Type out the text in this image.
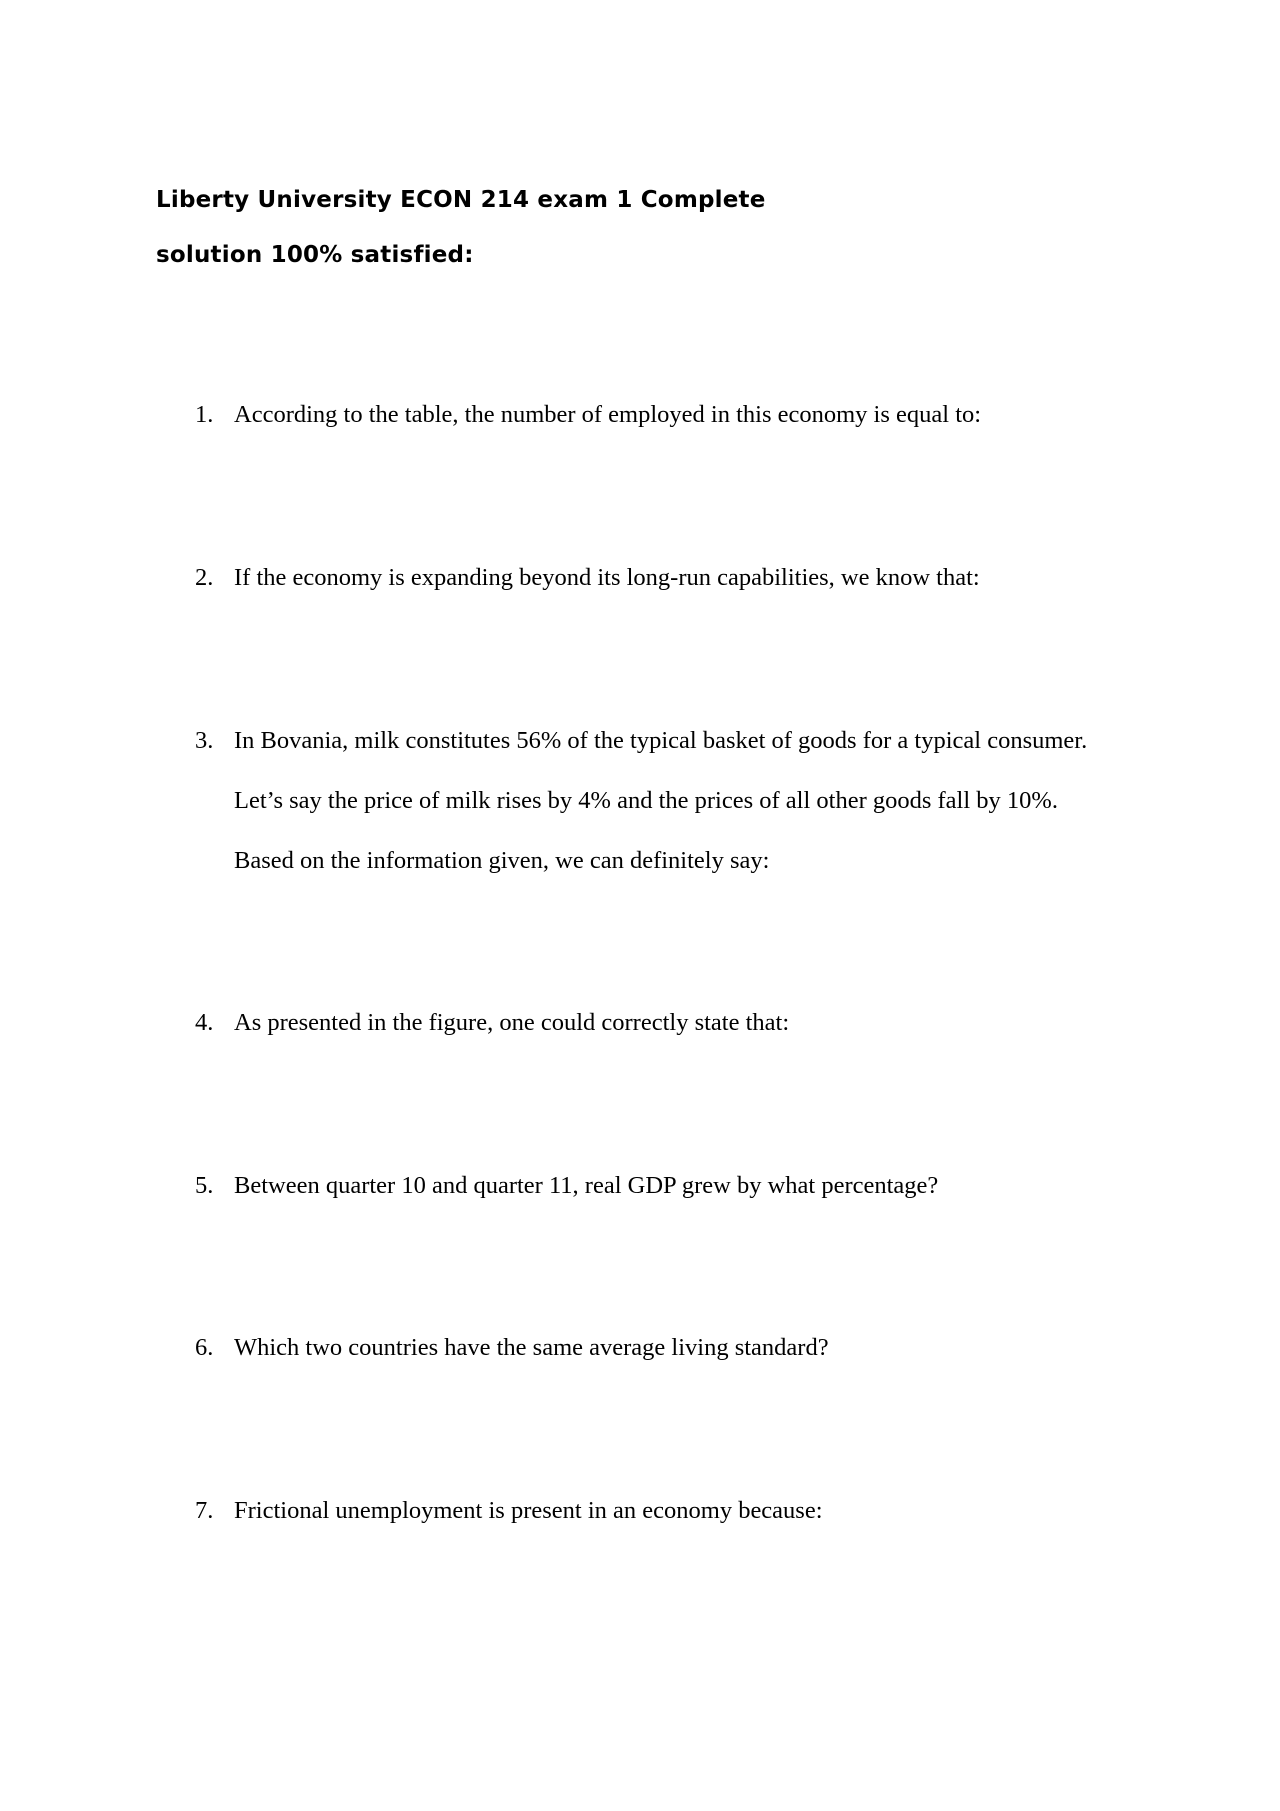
Liberty University ECON 214 exam 1 Complete
solution 100% satisfied:
1. According to the table, the number of employed in this economy is equal to:
2. If the economy is expanding beyond its long-run capabilities, we know that:
3. In Bovania, milk constitutes 56% of the typical basket of goods for a typical consumer. Let’s say the price of milk rises by 4% and the prices of all other goods fall by 10%. Based on the information given, we can definitely say:
4. As presented in the figure, one could correctly state that:
5. Between quarter 10 and quarter 11, real GDP grew by what percentage?
6. Which two countries have the same average living standard?
7. Frictional unemployment is present in an economy because:
